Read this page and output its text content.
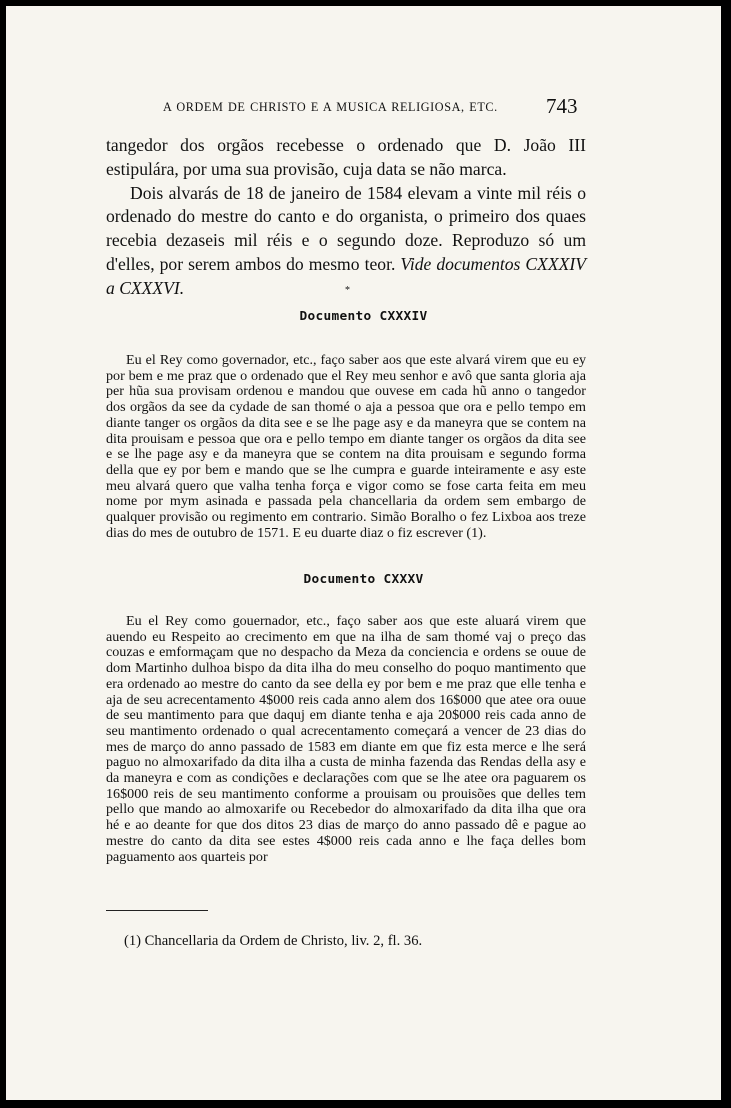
A ORDEM DE CHRISTO E A MUSICA RELIGIOSA, ETC. 743

tangedor dos orgãos recebesse o ordenado que D. João III estipulára, por uma sua provisão, cuja data se não marca.

Dois alvarás de 18 de janeiro de 1584 elevam a vinte mil réis o ordenado do mestre do canto e do organista, o primeiro dos quaes recebia dezaseis mil réis e o segundo doze. Reproduzo só um d'elles, por serem ambos do mesmo teor. Vide documentos CXXXIV a CXXXVI.	*
Documento CXXXIV

Eu el Rey como governador, etc., faço saber aos que este alvará virem que eu ey por bem e me praz que o ordenado que el Rey meu senhor e avô que santa gloria aja per hũa sua provisam ordenou e mandou que ouvese em cada hũ anno o tangedor dos orgãos da see da cydade de san thomé o aja a pessoa que ora e pello tempo em diante tanger os orgãos da dita see e se lhe page asy e da maneyra que se contem na dita prouisam e pessoa que ora e pello tempo em diante tanger os orgãos da dita see e se lhe page asy e da maneyra que se contem na dita prouisam e segundo forma della que ey por bem e mando que se lhe cumpra e guarde inteiramente e asy este meu alvará quero que valha tenha força e vigor como se fose carta feita em meu nome por mym asinada e passada pela chancellaria da ordem sem embargo de qualquer provisão ou regimento em contrario. Simão Boralho o fez Lixboa aos treze dias do mes de outubro de 1571. E eu duarte diaz o fiz escrever (1).

Documento CXXXV

Eu el Rey como gouernador, etc., faço saber aos que este aluará virem que auendo eu Respeito ao crecimento em que na ilha de sam thomé vaj o preço das couzas e emforma̧çam que no despacho da Meza da conciencia e ordens se ouue de dom Martinho dulhoa bispo da dita ilha do meu conselho do poquo mantimento que era ordenado ao mestre do canto da see della ey por bem e me praz que elle tenha e aja de seu acrecentamento 4$000 reis cada anno alem dos 16$000 que atee ora ouue de seu mantimento para que daquj em diante tenha e aja 20$000 reis cada anno de seu mantimento ordenado o qual acrecentamento começará a vencer de 23 dias do mes de março do anno passado de 1583 em diante em que fiz esta merce e lhe será paguo no almoxarifado da dita ilha a custa de minha fazenda das Rendas della asy e da maneyra e com as condições e declarações com que se lhe atee ora paguarem os 16$000 reis de seu mantimento conforme a prouisam ou prouisões que delles tem pello que mando ao almoxarife ou Recebedor do almoxarifado da dita ilha que ora hé e ao deante for que dos ditos 23 dias de março do anno passado dê e pague ao mestre do canto da dita see estes 4$000 reis cada anno e lhe faça delles bom paguamento aos quarteis por

(1) Chancellaria da Ordem de Christo, liv. 2, fl. 36.
